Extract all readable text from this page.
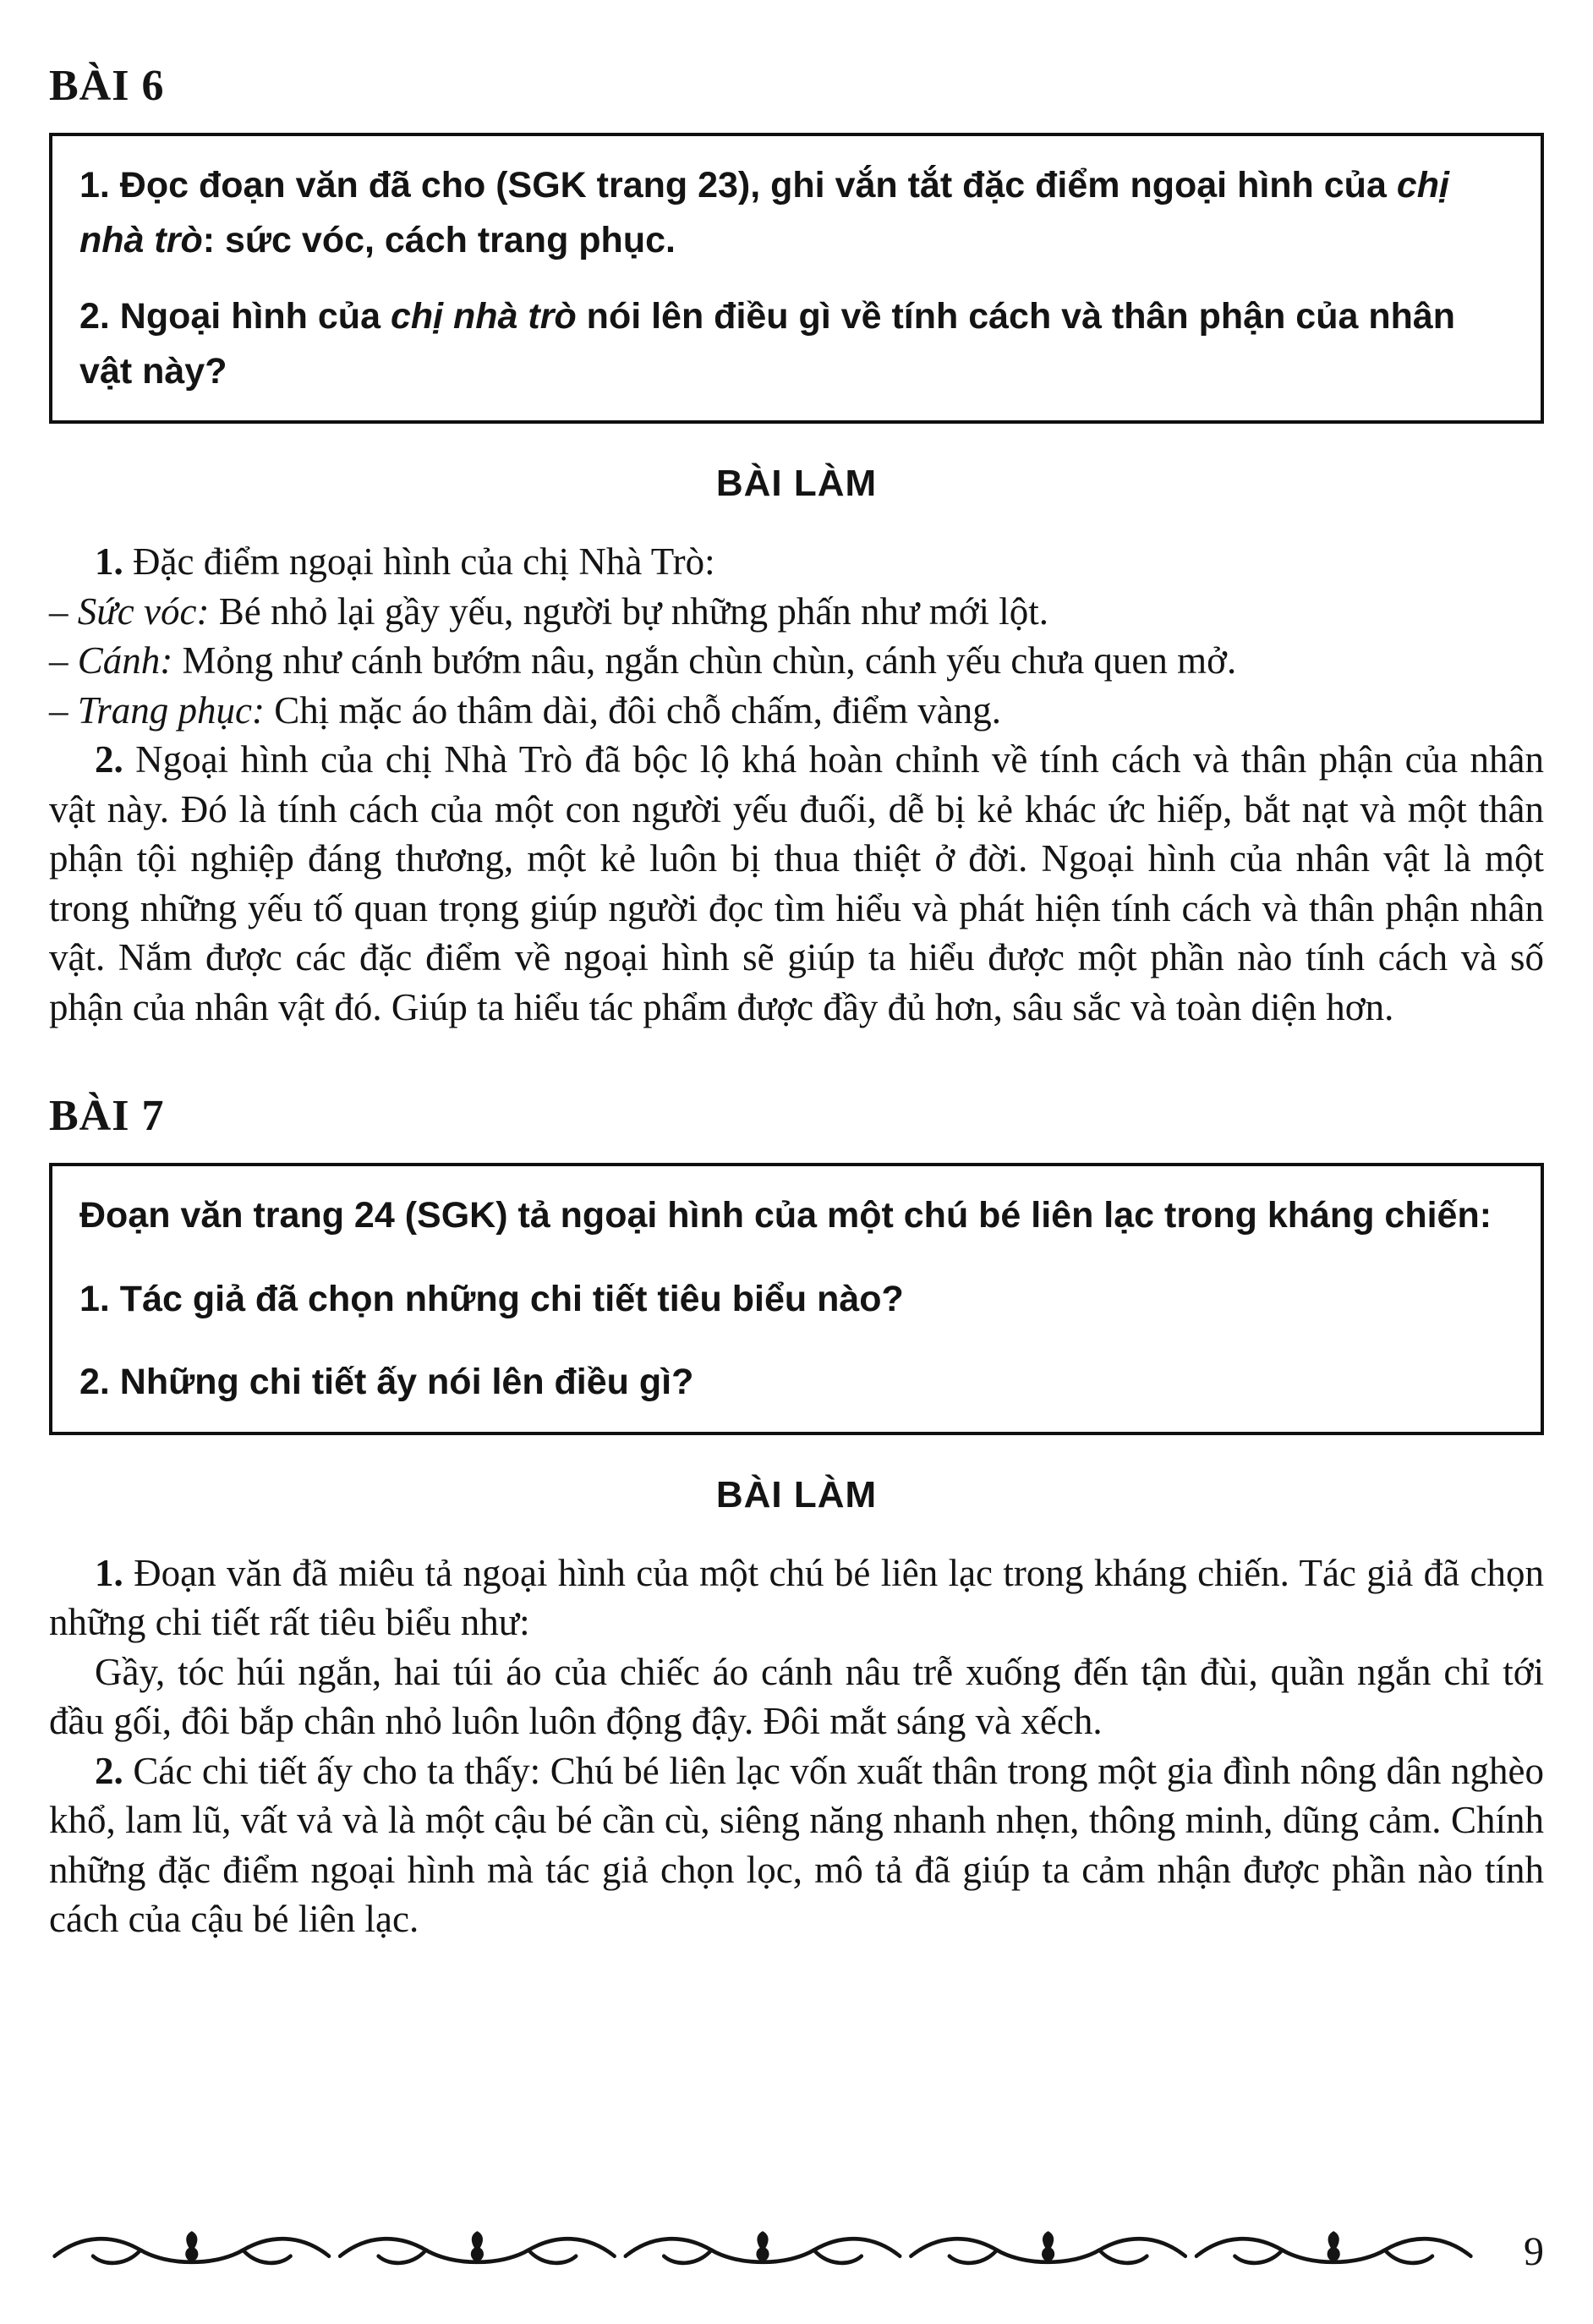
BÀI 6

1. Đọc đoạn văn đã cho (SGK trang 23), ghi vắn tắt đặc điểm ngoại hình của chị nhà trò: sức vóc, cách trang phục.

2. Ngoại hình của chị nhà trò nói lên điều gì về tính cách và thân phận của nhân vật này?

BÀI LÀM

1. Đặc điểm ngoại hình của chị Nhà Trò:

– Sức vóc: Bé nhỏ lại gầy yếu, người bự những phấn như mới lột.

– Cánh: Mỏng như cánh bướm nâu, ngắn chùn chùn, cánh yếu chưa quen mở.

– Trang phục: Chị mặc áo thâm dài, đôi chỗ chấm, điểm vàng.

2. Ngoại hình của chị Nhà Trò đã bộc lộ khá hoàn chỉnh về tính cách và thân phận của nhân vật này. Đó là tính cách của một con người yếu đuối, dễ bị kẻ khác ức hiếp, bắt nạt và một thân phận tội nghiệp đáng thương, một kẻ luôn bị thua thiệt ở đời. Ngoại hình của nhân vật là một trong những yếu tố quan trọng giúp người đọc tìm hiểu và phát hiện tính cách và thân phận nhân vật. Nắm được các đặc điểm về ngoại hình sẽ giúp ta hiểu được một phần nào tính cách và số phận của nhân vật đó. Giúp ta hiểu tác phẩm được đầy đủ hơn, sâu sắc và toàn diện hơn.

BÀI 7

Đoạn văn trang 24 (SGK) tả ngoại hình của một chú bé liên lạc trong kháng chiến:

1. Tác giả đã chọn những chi tiết tiêu biểu nào?

2. Những chi tiết ấy nói lên điều gì?

BÀI LÀM

1. Đoạn văn đã miêu tả ngoại hình của một chú bé liên lạc trong kháng chiến. Tác giả đã chọn những chi tiết rất tiêu biểu như:

Gầy, tóc húi ngắn, hai túi áo của chiếc áo cánh nâu trễ xuống đến tận đùi, quần ngắn chỉ tới đầu gối, đôi bắp chân nhỏ luôn luôn động đậy. Đôi mắt sáng và xếch.

2. Các chi tiết ấy cho ta thấy: Chú bé liên lạc vốn xuất thân trong một gia đình nông dân nghèo khổ, lam lũ, vất vả và là một cậu bé cần cù, siêng năng nhanh nhẹn, thông minh, dũng cảm. Chính những đặc điểm ngoại hình mà tác giả chọn lọc, mô tả đã giúp ta cảm nhận được phần nào tính cách của cậu bé liên lạc.

9
